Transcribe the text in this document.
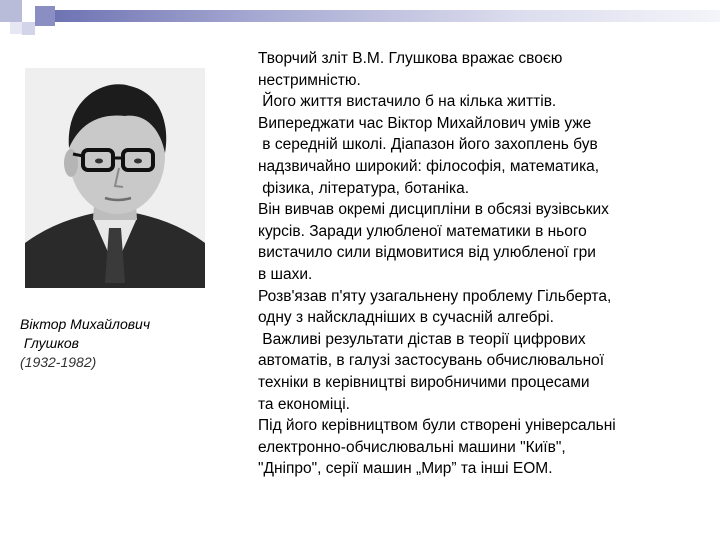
Віктор Михайлович
Глушков
(1932-1982)
Творчий зліт В.М. Глушкова вражає своєю
нестримністю.
Його життя вистачило б на кілька життів.
Випереджати час Віктор Михайлович умів уже
в середній школі. Діапазон його захоплень був
надзвичайно широкий: філософія, математика,
фізика, література, ботаніка.
Він вивчав окремі дисципліни в обсязі вузівських
курсів. Заради улюбленої математики в нього
вистачило сили відмовитися від улюбленої гри
в шахи.
Розв'язав п'яту узагальнену проблему Гільберта,
одну з найскладніших в сучасній алгебрі.
Важливі результати дістав в теорії цифрових
автоматів, в галузі застосувань обчислювальної
техніки в керівництві виробничими процесами
та економіці.
Під його керівництвом були створені універсальні
електронно-обчислювальні машини "Київ",
"Дніпро", серії машин „Мир” та інші ЕОМ.
